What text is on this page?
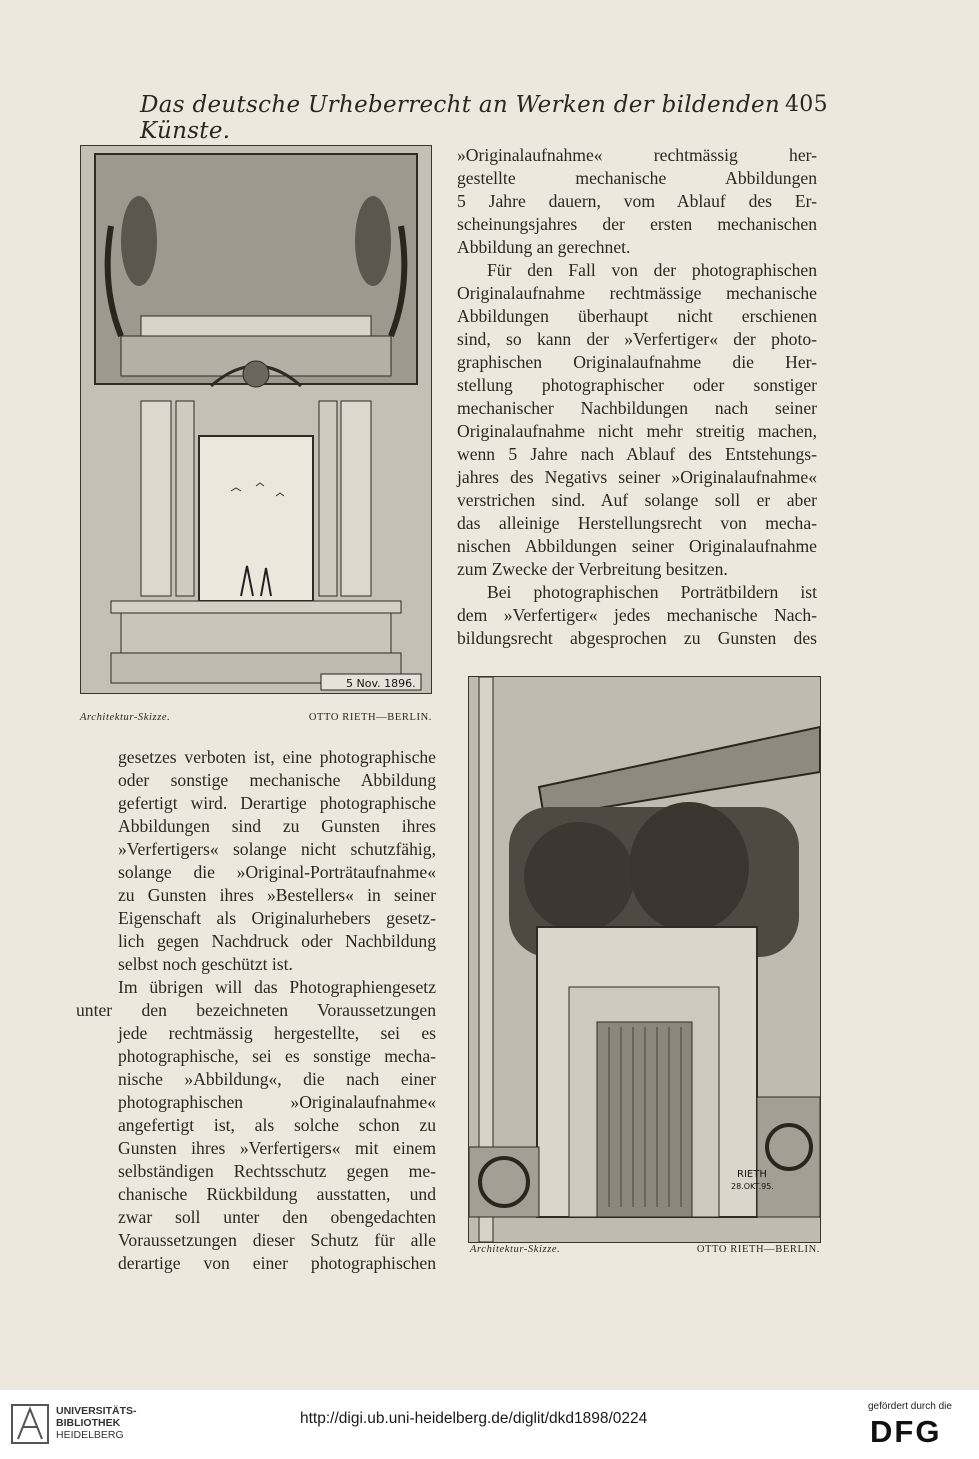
Das deutsche Urheberrecht an Werken der bildenden Künste.
405
5 Nov. 1896.
Architektur-Skizze.	OTTO RIETH—BERLIN.
»Originalaufnahme« rechtmässig her-
gestellte mechanische Abbildungen
5 Jahre dauern, vom Ablauf des Er-
scheinungsjahres der ersten mechanischen
Abbildung an gerechnet.
Für den Fall von der photographischen
Originalaufnahme rechtmässige mechanische
Abbildungen überhaupt nicht erschienen
sind, so kann der »Verfertiger« der photo-
graphischen Originalaufnahme die Her-
stellung photographischer oder sonstiger
mechanischer Nachbildungen nach seiner
Originalaufnahme nicht mehr streitig machen,
wenn 5 Jahre nach Ablauf des Entstehungs-
jahres des Negativs seiner »Originalaufnahme«
verstrichen sind. Auf solange soll er aber
das alleinige Herstellungsrecht von mecha-
nischen Abbildungen seiner Originalaufnahme
zum Zwecke der Verbreitung besitzen.
Bei photographischen Porträtbildern ist
dem »Verfertiger« jedes mechanische Nach-
bildungsrecht abgesprochen zu Gunsten des
RIETH
28.OKT.95.
Architektur-Skizze.	OTTO RIETH—BERLIN.
gesetzes verboten ist, eine photographische
oder sonstige mechanische Abbildung
gefertigt wird. Derartige photographische
Abbildungen sind zu Gunsten ihres
»Verfertigers« solange nicht schutzfähig,
solange die »Original-Porträtaufnahme«
zu Gunsten ihres »Bestellers« in seiner
Eigenschaft als Originalurhebers gesetz-
lich gegen Nachdruck oder Nachbildung
selbst noch geschützt ist.
Im übrigen will das Photographiengesetz
unter den bezeichneten Voraussetzungen
jede rechtmässig hergestellte, sei es
photographische, sei es sonstige mecha-
nische »Abbildung«, die nach einer
photographischen »Originalaufnahme«
angefertigt ist, als solche schon zu
Gunsten ihres »Verfertigers« mit einem
selbständigen Rechtsschutz gegen me-
chanische Rückbildung ausstatten, und
zwar soll unter den obengedachten
Voraussetzungen dieser Schutz für alle
derartige von einer photographischen
UNIVERSITÄTS-
BIBLIOTHEK
HEIDELBERG
http://digi.ub.uni-heidelberg.de/diglit/dkd1898/0224
gefördert durch die
DFG
